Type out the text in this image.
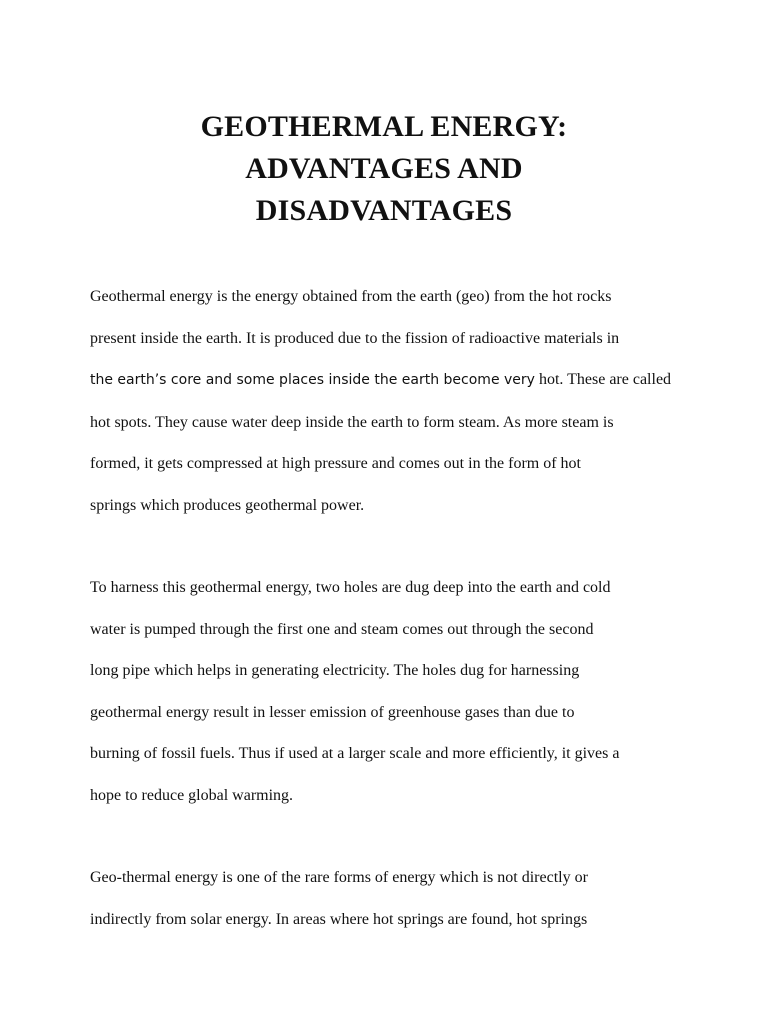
GEOTHERMAL ENERGY:
ADVANTAGES AND
DISADVANTAGES
Geothermal energy is the energy obtained from the earth (geo) from the hot rocks
present inside the earth. It is produced due to the fission of radioactive materials in
the earth’s core and some places inside the earth become very hot. These are called
hot spots. They cause water deep inside the earth to form steam. As more steam is
formed, it gets compressed at high pressure and comes out in the form of hot
springs which produces geothermal power.
To harness this geothermal energy, two holes are dug deep into the earth and cold
water is pumped through the first one and steam comes out through the second
long pipe which helps in generating electricity. The holes dug for harnessing
geothermal energy result in lesser emission of greenhouse gases than due to
burning of fossil fuels. Thus if used at a larger scale and more efficiently, it gives a
hope to reduce global warming.
Geo-thermal energy is one of the rare forms of energy which is not directly or
indirectly from solar energy. In areas where hot springs are found, hot springs
